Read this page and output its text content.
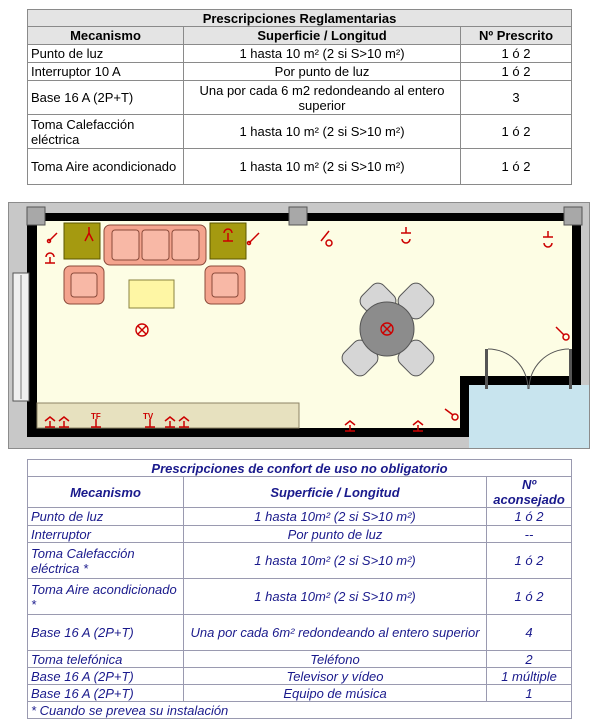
Prescripciones Reglamentarias		
Mecanismo	Superficie / Longitud	Nº Prescrito
Punto de luz	1 hasta 10 m² (2 si S>10 m²)	1 ó 2
Interruptor 10 A	Por punto de luz	1 ó 2
Base 16 A (2P+T)	Una por cada 6 m2 redondeando al entero superior	3
Toma Calefacción eléctrica	1 hasta 10 m² (2 si S>10 m²)	1 ó 2
Toma Aire acondicionado	1 hasta 10 m² (2 si S>10 m²)	1 ó 2
TF	TV
Prescripciones de confort de uso no obligatorio		
Mecanismo	Superficie / Longitud	Nº aconsejado
Punto de luz	1 hasta 10m² (2 si S>10 m²)	1 ó 2
Interruptor	Por punto de luz	--
Toma Calefacción eléctrica *	1 hasta 10m² (2 si S>10 m²)	1 ó 2
Toma Aire acondicionado *	1 hasta 10m² (2 si S>10 m²)	1 ó 2
Base 16 A (2P+T)	Una por cada 6m² redondeando al entero superior	4
Toma telefónica	Teléfono	2
Base 16 A (2P+T)	Televisor y vídeo	1 múltiple
Base 16 A (2P+T)	Equipo de música	1
* Cuando se prevea su instalación		
